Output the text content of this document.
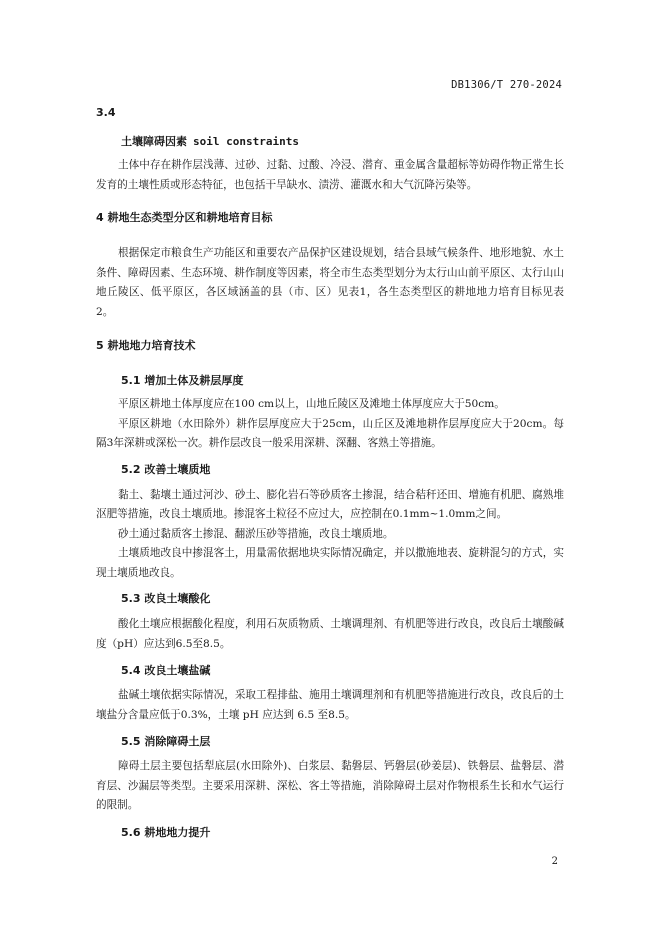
DB1306/T 270-2024
3.4
土壤障碍因素 soil constraints

土体中存在耕作层浅薄、过砂、过黏、过酸、冷浸、潜育、重金属含量超标等妨碍作物正常生长发育的土壤性质或形态特征，也包括干旱缺水、渍涝、灌溉水和大气沉降污染等。

4 耕地生态类型分区和耕地培育目标

根据保定市粮食生产功能区和重要农产品保护区建设规划，结合县域气候条件、地形地貌、水土条件、障碍因素、生态环境、耕作制度等因素，将全市生态类型划分为太行山山前平原区、太行山山地丘陵区、低平原区，各区域涵盖的县（市、区）见表1，各生态类型区的耕地地力培育目标见表2。

5 耕地地力培育技术
5.1 增加土体及耕层厚度

平原区耕地土体厚度应在100 cm以上，山地丘陵区及滩地土体厚度应大于50cm。

平原区耕地（水田除外）耕作层厚度应大于25cm，山丘区及滩地耕作层厚度应大于20cm。每隔3年深耕或深松一次。耕作层改良一般采用深耕、深翻、客熟土等措施。

5.2 改善土壤质地

黏土、黏壤土通过河沙、砂土、膨化岩石等砂质客土掺混，结合秸秆还田、增施有机肥、腐熟堆沤肥等措施，改良土壤质地。掺混客土粒径不应过大，应控制在0.1mm~1.0mm之间。

砂土通过黏质客土掺混、翻淤压砂等措施，改良土壤质地。

土壤质地改良中掺混客土，用量需依据地块实际情况确定，并以撒施地表、旋耕混匀的方式，实现土壤质地改良。

5.3 改良土壤酸化

酸化土壤应根据酸化程度，利用石灰质物质、土壤调理剂、有机肥等进行改良，改良后土壤酸碱度（pH）应达到6.5至8.5。

5.4 改良土壤盐碱

盐碱土壤依据实际情况，采取工程排盐、施用土壤调理剂和有机肥等措施进行改良，改良后的土壤盐分含量应低于0.3%，土壤 pH 应达到 6.5 至8.5。

5.5 消除障碍土层

障碍土层主要包括犁底层(水田除外)、白浆层、黏磐层、钙磐层(砂姜层)、铁磐层、盐磐层、潜育层、沙漏层等类型。主要采用深耕、深松、客土等措施，消除障碍土层对作物根系生长和水气运行的限制。

5.6 耕地地力提升
2
